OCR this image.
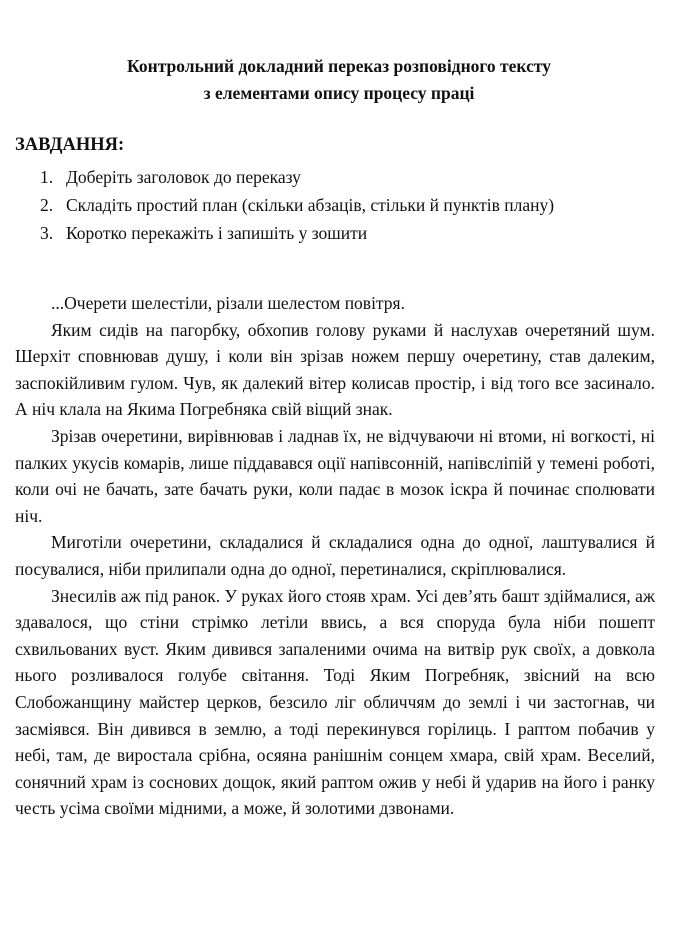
Контрольний докладний переказ розповідного тексту
з елементами опису процесу праці
ЗАВДАННЯ:
1. Доберіть заголовок до переказу
2. Складіть простий план (скільки абзаців, стільки й пунктів плану)
3. Коротко перекажіть і запишіть у зошити

...Очерети шелестіли, різали шелестом повітря.

Яким сидів на пагорбку, обхопив голову руками й наслухав очеретяний шум. Шерхіт сповнював душу, і коли він зрізав ножем першу очеретину, став далеким, заспокійливим гулом. Чув, як далекий вітер колисав простір, і від того все засинало. А ніч клала на Якима Погребняка свій віщий знак.

Зрізав очеретини, вирівнював і ладнав їх, не відчуваючи ні втоми, ні вогкості, ні палких укусів комарів, лише піддавався оції напівсонній, напівсліпій у темені роботі, коли очі не бачать, зате бачать руки, коли падає в мозок іскра й починає сполювати ніч.

Миготіли очеретини, складалися й складалися одна до одної, лаштувалися й посувалися, ніби прилипали одна до одної, перетиналися, скріплювалися.

Знесилів аж під ранок. У руках його стояв храм. Усі дев’ять башт здіймалися, аж здавалося, що стіни стрімко летіли ввись, а вся споруда була ніби пошепт схвильованих вуст. Яким дивився запаленими очима на витвір рук своїх, а довкола нього розливалося голубе світання. Тоді Яким Погребняк, звісний на всю Слобожанщину майстер церков, безсило ліг обличчям до землі і чи застогнав, чи засміявся. Він дивився в землю, а тоді перекинувся горілиць. І раптом побачив у небі, там, де виростала срібна, осяяна ранішнім сонцем хмара, свій храм. Веселий, сонячний храм із соснових дощок, який раптом ожив у небі й ударив на його і ранку честь усіма своїми мідними, а може, й золотими дзвонами.
